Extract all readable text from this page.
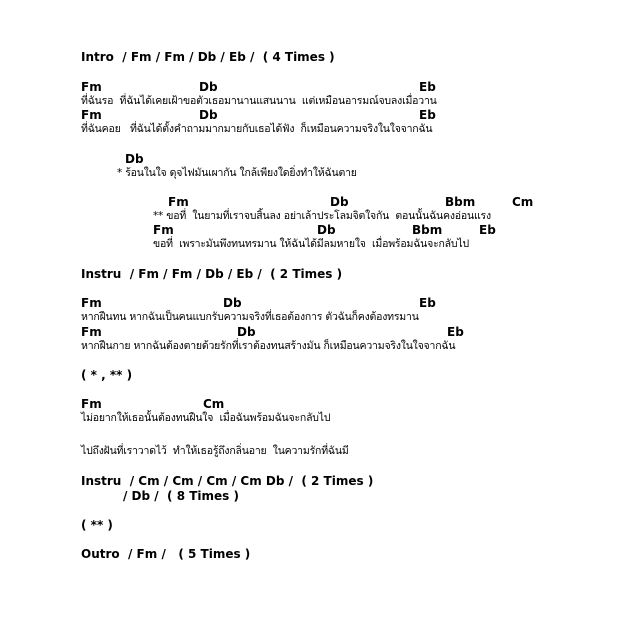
Intro  / Fm / Fm / Db / Eb /  ( 4 Times )
Fm	Db	Eb
ที่ฉันรอ  ที่ฉันได้เคยเฝ้าขอตัวเธอมานานแสนนาน  แต่เหมือนอารมณ์จบลงเมื่อวาน
Fm	Db	Eb
ที่ฉันคอย   ที่ฉันได้ตั้งคำถามมากมายกับเธอได้ฟัง  ก็เหมือนความจริงในใจจากฉัน
Db
* ร้อนในใจ ดุจไฟมันเผากัน ใกล้เพียงใดยิ่งทำให้ฉันตาย
Fm	Db	Bbm	Cm
** ขอที่  ในยามที่เราจบสิ้นลง อย่าเล้าประโลมจิตใจกัน  ตอนนั้นฉันคงอ่อนแรง
Fm	Db	Bbm	Eb
ขอที่  เพราะมันพึงทนทรมาน ให้ฉันได้มีลมหายใจ  เมื่อพร้อมฉันจะกลับไป
Instru  / Fm / Fm / Db / Eb /  ( 2 Times )
Fm	Db	Eb
หากฝืนทน หากฉันเป็นคนแบกรับความจริงที่เธอต้องการ ตัวฉันก็คงต้องทรมาน
Fm	Db	Eb
หากฝืนกาย หากฉันต้องตายด้วยรักที่เราต้องทนสร้างมัน ก็เหมือนความจริงในใจจากฉัน
( * , ** )
Fm	Cm
ไม่อยากให้เธอนั้นต้องทนฝืนใจ  เมื่อฉันพร้อมฉันจะกลับไป
ไปถึงฝันที่เราวาดไว้  ทำให้เธอรู้ถึงกลิ่นอาย  ในความรักที่ฉันมี
Instru  / Cm / Cm / Cm / Cm Db /  ( 2 Times )
/ Db /  ( 8 Times )
( ** )
Outro  / Fm /   ( 5 Times )
